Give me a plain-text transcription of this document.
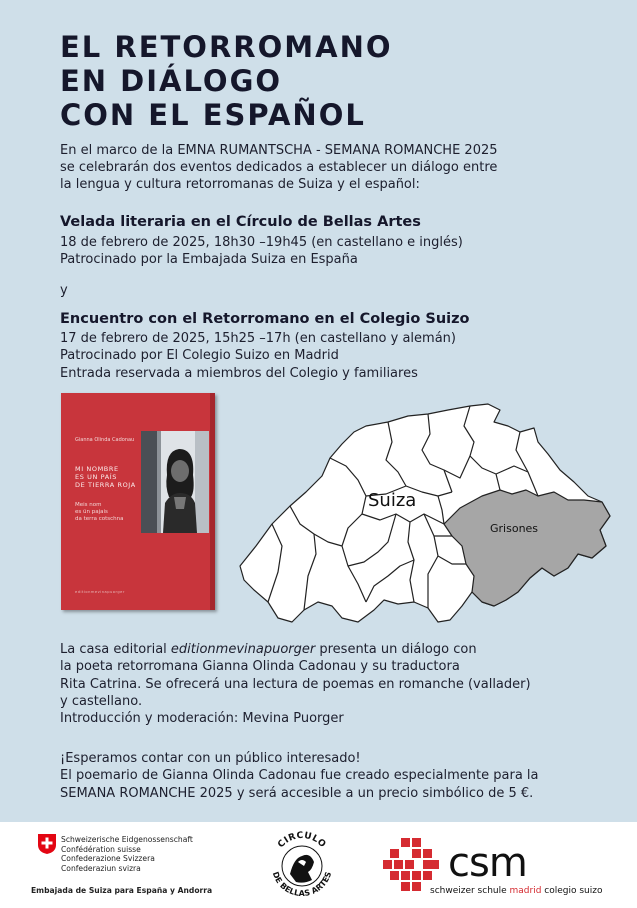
EL RETORROMANO
EN DIÁLOGO
CON EL ESPAÑOL
En el marco de la EMNA RUMANTSCHA - SEMANA ROMANCHE 2025
se celebrarán dos eventos dedicados a establecer un diálogo entre
la lengua y cultura retorromanas de Suiza y el español:
Velada literaria en el Círculo de Bellas Artes
18 de febrero de 2025, 18h30 –19h45 (en castellano e inglés)
Patrocinado por la Embajada Suiza en España
y
Encuentro con el Retorromano en el Colegio Suizo
17 de febrero de 2025, 15h25 –17h (en castellano y alemán)
Patrocinado por El Colegio Suizo en Madrid
Entrada reservada a miembros del Colegio y familiares
Gianna Olinda Cadonau
MI NOMBRE
ES UN PAÍS
DE TIERRA ROJA
Meis nom
es ün pajais
da terra cotschna
editionmevinapuorger
Suiza
Grisones
La casa editorial editionmevinapuorger presenta un diálogo con
la poeta retorromana Gianna Olinda Cadonau y su traductora
Rita Catrina. Se ofrecerá una lectura de poemas en romanche (vallader)
y castellano.
Introducción y moderación: Mevina Puorger
¡Esperamos contar con un público interesado!
El poemario de Gianna Olinda Cadonau fue creado especialmente para la
SEMANA ROMANCHE 2025 y será accesible a un precio simbólico de 5 €.
Schweizerische Eidgenossenschaft
Confédération suisse
Confederazione Svizzera
Confederaziun svizra
Embajada de Suiza para España y Andorra
CIRCULO
DE BELLAS ARTES	csm
schweizer schule madrid colegio suizo
